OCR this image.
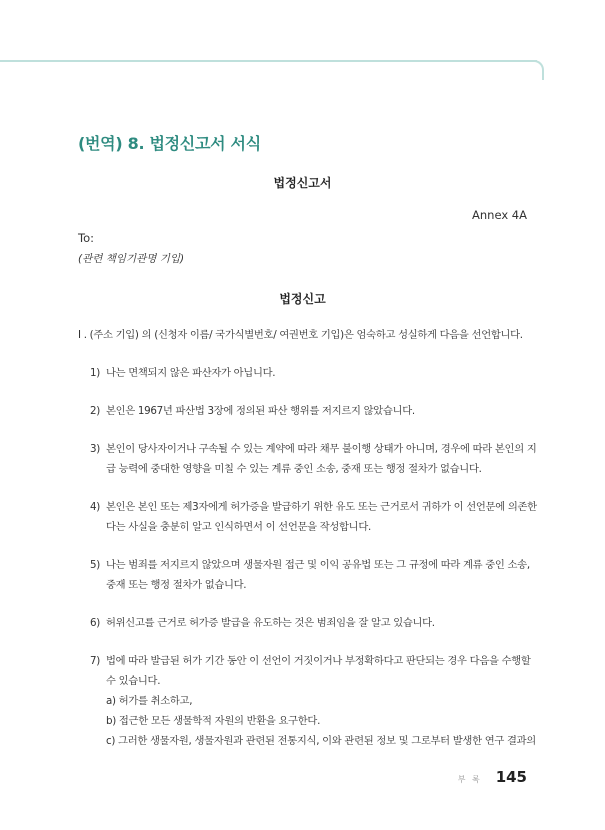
(번역) 8. 법정신고서 서식
법정신고서
Annex 4A
To:
(관련 책임기관명 기입)
법정신고
I . (주소 기입) 의 (신청자 이름/ 국가식별번호/ 여권번호 기입)은 엄숙하고 성실하게 다음을 선언합니다.
1) 나는 면책되지 않은 파산자가 아닙니다.
2) 본인은 1967년 파산법 3장에 정의된 파산 행위를 저지르지 않았습니다.
3) 본인이 당사자이거나 구속될 수 있는 계약에 따라 채무 불이행 상태가 아니며, 경우에 따라 본인의 지급 능력에 중대한 영향을 미칠 수 있는 계류 중인 소송, 중재 또는 행정 절차가 없습니다.
4) 본인은 본인 또는 제3자에게 허가증을 발급하기 위한 유도 또는 근거로서 귀하가 이 선언문에 의존한다는 사실을 충분히 알고 인식하면서 이 선언문을 작성합니다.
5) 나는 범죄를 저지르지 않았으며 생물자원 접근 및 이익 공유법 또는 그 규정에 따라 계류 중인 소송, 중재 또는 행정 절차가 없습니다.
6) 허위신고를 근거로 허가증 발급을 유도하는 것은 범죄임을 잘 알고 있습니다.
7) 법에 따라 발급된 허가 기간 동안 이 선언이 거짓이거나 부정확하다고 판단되는 경우 다음을 수행할 수 있습니다.
a) 허가를 취소하고,
b) 접근한 모든 생물학적 자원의 반환을 요구한다.
c) 그러한 생물자원, 생물자원과 관련된 전통지식, 이와 관련된 정보 및 그로부터 발생한 연구 결과의
부 록 145
